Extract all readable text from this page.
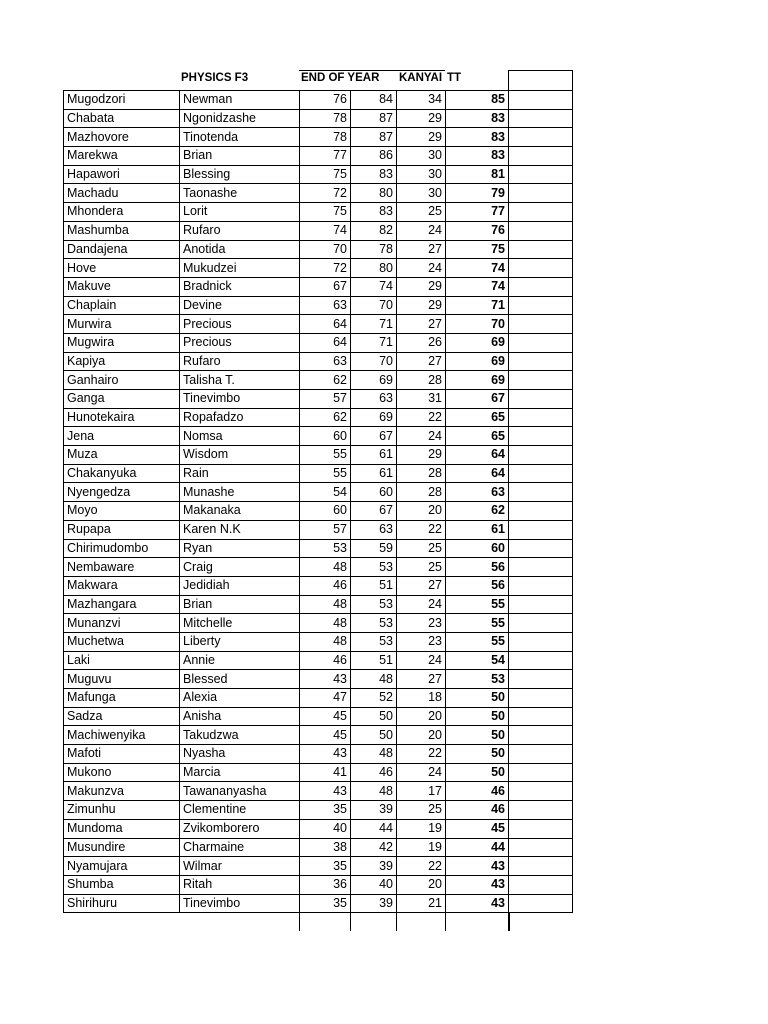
PHYSICS F3	END OF YEAR	KANYAI TT
Mugodzori	Newman	76	84	34	85	
Chabata	Ngonidzashe	78	87	29	83	
Mazhovore	Tinotenda	78	87	29	83	
Marekwa	Brian	77	86	30	83	
Hapawori	Blessing	75	83	30	81	
Machadu	Taonashe	72	80	30	79	
Mhondera	Lorit	75	83	25	77	
Mashumba	Rufaro	74	82	24	76	
Dandajena	Anotida	70	78	27	75	
Hove	Mukudzei	72	80	24	74	
Makuve	Bradnick	67	74	29	74	
Chaplain	Devine	63	70	29	71	
Murwira	Precious	64	71	27	70	
Mugwira	Precious	64	71	26	69	
Kapiya	Rufaro	63	70	27	69	
Ganhairo	Talisha T.	62	69	28	69	
Ganga	Tinevimbo	57	63	31	67	
Hunotekaira	Ropafadzo	62	69	22	65	
Jena	Nomsa	60	67	24	65	
Muza	Wisdom	55	61	29	64	
Chakanyuka	Rain	55	61	28	64	
Nyengedza	Munashe	54	60	28	63	
Moyo	Makanaka	60	67	20	62	
Rupapa	Karen N.K	57	63	22	61	
Chirimudombo	Ryan	53	59	25	60	
Nembaware	Craig	48	53	25	56	
Makwara	Jedidiah	46	51	27	56	
Mazhangara	Brian	48	53	24	55	
Munanzvi	Mitchelle	48	53	23	55	
Muchetwa	Liberty	48	53	23	55	
Laki	Annie	46	51	24	54	
Muguvu	Blessed	43	48	27	53	
Mafunga	Alexia	47	52	18	50	
Sadza	Anisha	45	50	20	50	
Machiwenyika	Takudzwa	45	50	20	50	
Mafoti	Nyasha	43	48	22	50	
Mukono	Marcia	41	46	24	50	
Makunzva	Tawananyasha	43	48	17	46	
Zimunhu	Clementine	35	39	25	46	
Mundoma	Zvikomborero	40	44	19	45	
Musundire	Charmaine	38	42	19	44	
Nyamujara	Wilmar	35	39	22	43	
Shumba	Ritah	36	40	20	43	
Shirihuru	Tinevimbo	35	39	21	43	
